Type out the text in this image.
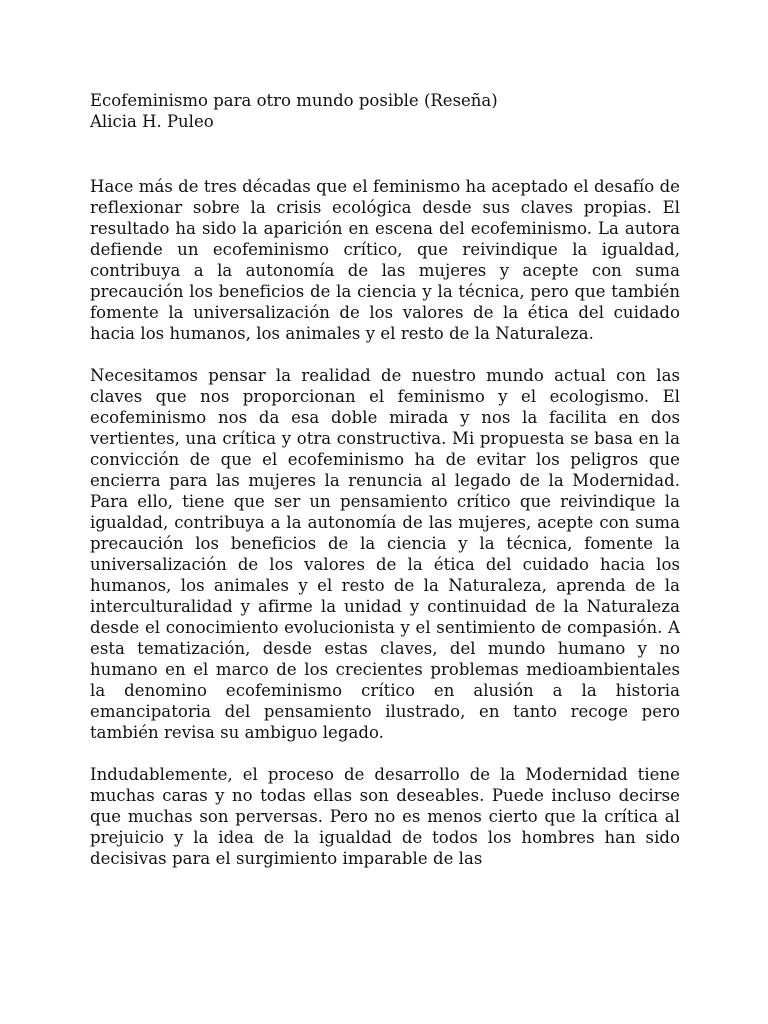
Ecofeminismo para otro mundo posible (Reseña)
Alicia H. Puleo

Hace más de tres décadas que el feminismo ha aceptado el desafío de reflexionar sobre la crisis ecológica desde sus claves propias. El resultado ha sido la aparición en escena del ecofeminismo. La autora defiende un ecofeminismo crítico, que reivindique la igualdad, contribuya a la autonomía de las mujeres y acepte con suma precaución los beneficios de la ciencia y la técnica, pero que también fomente la universalización de los valores de la ética del cuidado hacia los humanos, los animales y el resto de la Naturaleza.

Necesitamos pensar la realidad de nuestro mundo actual con las claves que nos proporcionan el feminismo y el ecologismo. El ecofeminismo nos da esa doble mirada y nos la facilita en dos vertientes, una crítica y otra constructiva. Mi propuesta se basa en la convicción de que el ecofeminismo ha de evitar los peligros que encierra para las mujeres la renuncia al legado de la Modernidad. Para ello, tiene que ser un pensamiento crítico que reivindique la igualdad, contribuya a la autonomía de las mujeres, acepte con suma precaución los beneficios de la ciencia y la técnica, fomente la universalización de los valores de la ética del cuidado hacia los humanos, los animales y el resto de la Naturaleza, aprenda de la interculturalidad y afirme la unidad y continuidad de la Naturaleza desde el conocimiento evolucionista y el sentimiento de compasión. A esta tematización, desde estas claves, del mundo humano y no humano en el marco de los crecientes problemas medioambientales la denomino ecofeminismo crítico en alusión a la historia emancipatoria del pensamiento ilustrado, en tanto recoge pero también revisa su ambiguo legado.

Indudablemente, el proceso de desarrollo de la Modernidad tiene muchas caras y no todas ellas son deseables. Puede incluso decirse que muchas son perversas. Pero no es menos cierto que la crítica al prejuicio y la idea de la igualdad de todos los hombres han sido decisivas para el surgimiento imparable de las
